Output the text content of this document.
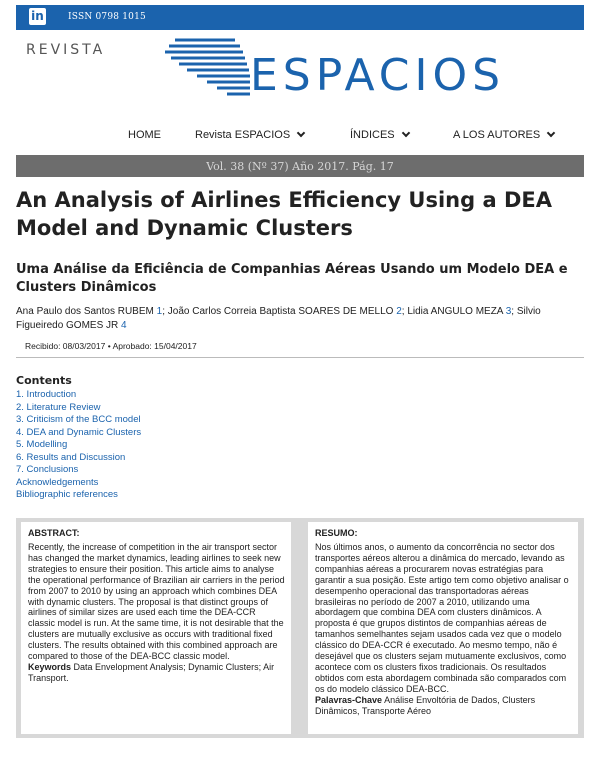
in	ISSN 0798 1015
REVISTA	ESPACIOS
HOME	Revista ESPACIOS	ÍNDICES	A LOS AUTORES
Vol. 38 (Nº 37) Año 2017. Pág. 17
An Analysis of Airlines Efficiency Using a DEA Model and Dynamic Clusters
Uma Análise da Eficiência de Companhias Aéreas Usando um Modelo DEA e Clusters Dinâmicos
Ana Paulo dos Santos RUBEM 1; João Carlos Correia Baptista SOARES DE MELLO 2; Lidia ANGULO MEZA 3; Silvio Figueiredo GOMES JR 4
Recibido: 08/03/2017 • Aprobado: 15/04/2017
Contents
1. Introduction
2. Literature Review
3. Criticism of the BCC model
4. DEA and Dynamic Clusters
5. Modelling
6. Results and Discussion
7. Conclusions
Acknowledgements
Bibliographic references
ABSTRACT:

Recently, the increase of competition in the air transport sector has changed the market dynamics, leading airlines to seek new strategies to ensure their position. This article aims to analyse the operational performance of Brazilian air carriers in the period from 2007 to 2010 by using an approach which combines DEA with dynamic clusters. The proposal is that distinct groups of airlines of similar sizes are used each time the DEA-CCR classic model is run. At the same time, it is not desirable that the clusters are mutually exclusive as occurs with traditional fixed clusters. The results obtained with this combined approach are compared to those of the DEA-BCC classic model.

Keywords Data Envelopment Analysis; Dynamic Clusters; Air Transport.

RESUMO:

Nos últimos anos, o aumento da concorrência no sector dos transportes aéreos alterou a dinâmica do mercado, levando as companhias aéreas a procurarem novas estratégias para garantir a sua posição. Este artigo tem como objetivo analisar o desempenho operacional das transportadoras aéreas brasileiras no período de 2007 a 2010, utilizando uma abordagem que combina DEA com clusters dinâmicos. A proposta é que grupos distintos de companhias aéreas de tamanhos semelhantes sejam usados cada vez que o modelo clássico do DEA-CCR é executado. Ao mesmo tempo, não é desejável que os clusters sejam mutuamente exclusivos, como acontece com os clusters fixos tradicionais. Os resultados obtidos com esta abordagem combinada são comparados com os do modelo clássico DEA-BCC.

Palavras-Chave Análise Envoltória de Dados, Clusters Dinâmicos, Transporte Aéreo
